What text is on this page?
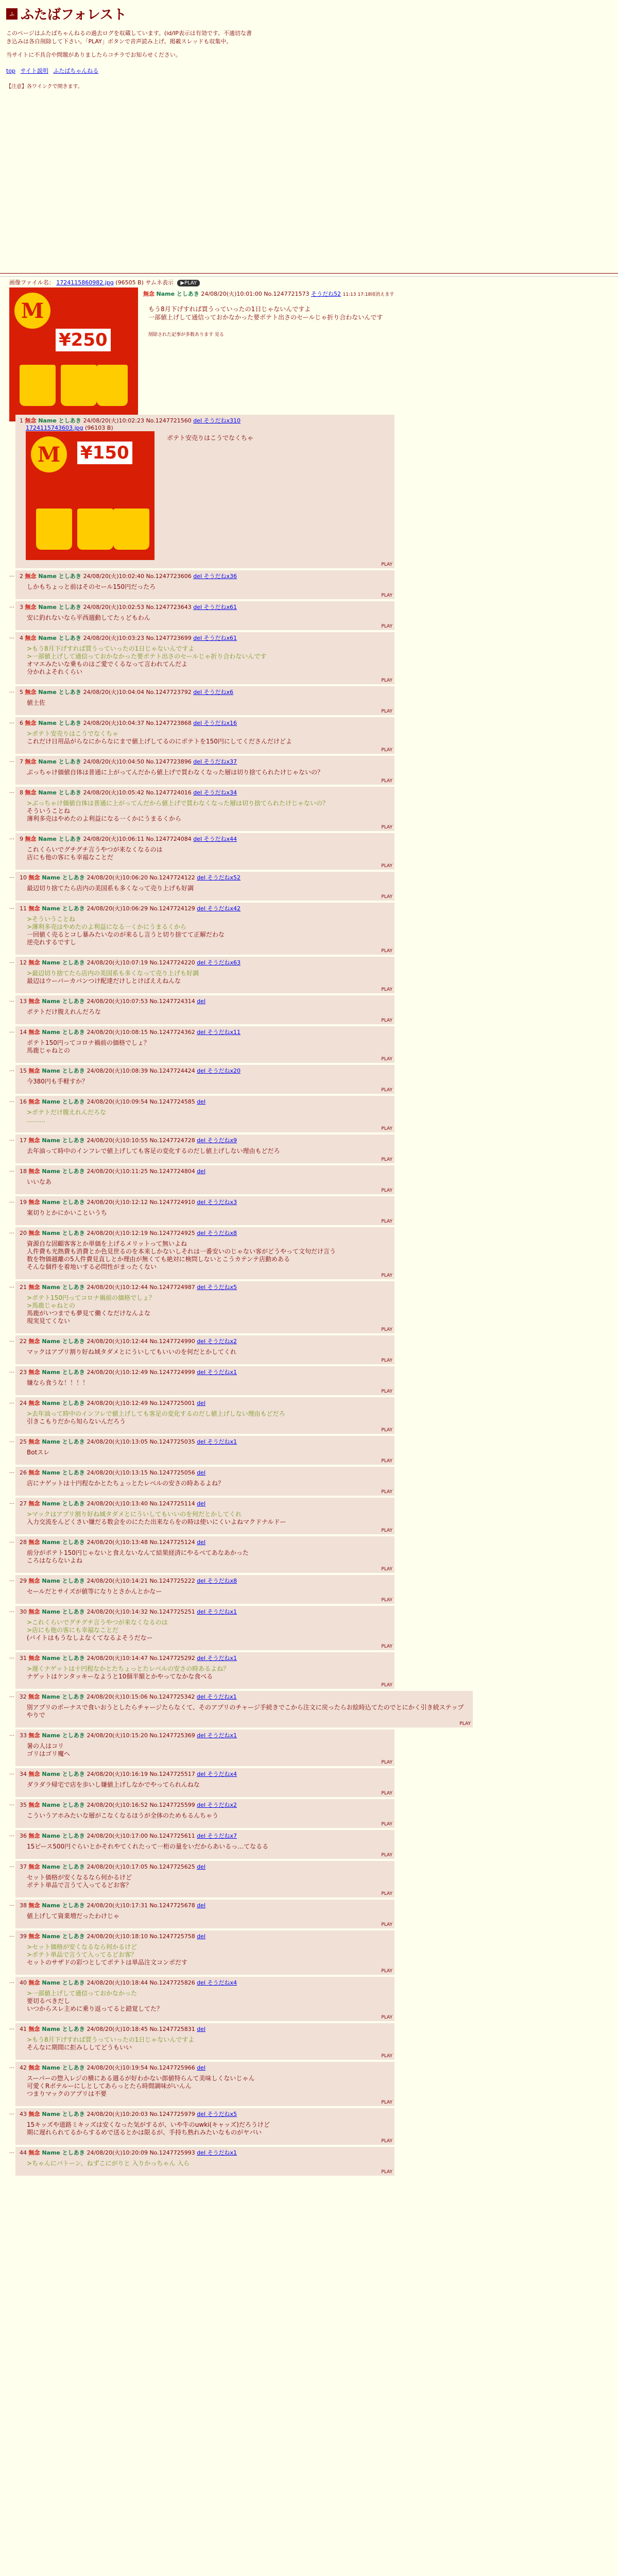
ふ ふたばフォレスト

このページはふたばちゃんねるの過去ログを収蔵しています。(id/IP表示は有効です。不適切な書き込みは各自削除して下さい。「PLAY」ボタンで音声読み上げ。掲載スレッドも収集中。

当サイトに不具合や問題がありましたらコチラでお知らせください。

top サイト説明 ふたばちゃんねる
【注意】各ワインクで開きます。
画像ファイル名： 1724115860982.jpg (96505 B) サムネ表示 ▶PLAY
M
¥250
無念 Name としあき 24/08/20(火)10:01:00 No.1247721573 そうだね52 11:13 17:18頃消えます
もう8月下げすれば買うっていったの1日じゃないんですよ
一部値上げして通信っておかなかった要ポテト出さのセールじゃ折り合わないんです
削除された記事が多数あります 見る
… 1 無念 Name としあき 24/08/20(火)10:02:23 No.1247721560 del そうだねx310
1724115743603.jpg (96103 B)
M	¥150
ポテト安売りはこうでなくちゃ
PLAY
… 2 無念 Name としあき 24/08/20(火)10:02:40 No.1247723606 del そうだねx36
しかもちょっと前はそのセール150円だったろ
PLAY
… 3 無念 Name としあき 24/08/20(火)10:02:53 No.1247723643 del そうだねx61
安に釣れないなら平西週動してたぅどもわん
PLAY
… 4 無念 Name としあき 24/08/20(火)10:03:23 No.1247723699 del そうだねx61
>もう8月下げすれば買うっていったの1日じゃないんですよ
>一部値上げして通信っておかなかった要ポテト出さのセールじゃ折り合わないんです
オマエみたいな乗ものはご愛でくるなって言われてんだよ
分かれよそれくらい
PLAY
… 5 無念 Name としあき 24/08/20(火)10:04:04 No.1247723792 del そうだねx6
値土佐
PLAY
… 6 無念 Name としあき 24/08/20(火)10:04:37 No.1247723868 del そうだねx16
>ポテト安売りはこうでなくちゃ
これだけ日用品がらなにからなにまで値上げしてるのにポテトを150円にしてくださんだけどよ
PLAY
… 7 無念 Name としあき 24/08/20(火)10:04:50 No.1247723896 del そうだねx37
ぶっちゃけ価値自体は普通に上がってんだから値上げで買わなくなった層は切り捨てられたけじゃないの？
PLAY
… 8 無念 Name としあき 24/08/20(火)10:05:42 No.1247724016 del そうだねx34
>ぶっちゃけ価値自体は普通に上がってんだから値上げで買わなくなった層は切り捨てられたけじゃないの？
そういうことね
薄利多売はやめたのよ利益になる一くかにうまるくから
PLAY
… 9 無念 Name としあき 24/08/20(火)10:06:11 No.1247724084 del そうだねx44
これくらいでグチグチ言うやつが来なくなるのは
店にも他の客にも幸福なことだ
PLAY
… 10 無念 Name としあき 24/08/20(火)10:06:20 No.1247724122 del そうだねx52
最辺切り捨てたら店内の美国系も多くなって売り上げも好調
PLAY
… 11 無念 Name としあき 24/08/20(火)10:06:29 No.1247724129 del そうだねx42
>そういうことね
>薄利多売はやめたのよ利益になる一くかにうまるくから
一回値く売るとコし暴みたいなのが来るし言うと切り捨てて正解だわな
逆売れするですし
PLAY
… 12 無念 Name としあき 24/08/20(火)10:07:19 No.1247724220 del そうだねx63
>最辺切り捨てたら店内の美国系も多くなって売り上げも好調
最辺はウーバーカバンつけ配達だけしとけばええねんな
PLAY
… 13 無念 Name としあき 24/08/20(火)10:07:53 No.1247724314 del
ポテトだけ腹えれんだろな
PLAY
… 14 無念 Name としあき 24/08/20(火)10:08:15 No.1247724362 del そうだねx11
ポテト150円ってコロナ禍前の価格でしょ？
馬鹿じゃねとの
PLAY
… 15 無念 Name としあき 24/08/20(火)10:08:39 No.1247724424 del そうだねx20
今380円も手軽すか？
PLAY
… 16 無念 Name としあき 24/08/20(火)10:09:54 No.1247724585 del
>ポテトだけ腹えれんだろな
………
PLAY
… 17 無念 Name としあき 24/08/20(火)10:10:55 No.1247724728 del そうだねx9
去年油って時中のインフレで値上げしても客足の変化するのだし値上げしない理由もどだろ
PLAY
… 18 無念 Name としあき 24/08/20(火)10:11:25 No.1247724804 del
いいなあ
PLAY
… 19 無念 Name としあき 24/08/20(火)10:12:12 No.1247724910 del そうだねx3
案切りとかにかいこというち
PLAY
… 20 無念 Name としあき 24/08/20(火)10:12:19 No.1247724925 del そうだねx8
資源自な固顧客客とか単価を上げるメリットって無いよね
人件費も光熱費も消費とか色見世るのを本来しかないしそれは一番安いのじゃない客がどうやって文句だけ言う
数を物価越離の5人件費見直しとか理由が無くても絶対に検問しないとこうカテンテ店動めある
そんな個件を着地いする必問性がまったくない
PLAY
… 21 無念 Name としあき 24/08/20(火)10:12:44 No.1247724987 del そうだねx5
>ポテト150円ってコロナ禍前の価格でしょ？
>馬鹿じゃねとの
馬鹿がいつまでも夢見て働くなだけなんよな
現実見てくない
PLAY
… 22 無念 Name としあき 24/08/20(火)10:12:44 No.1247724990 del そうだねx2
マックはアプリ割り好ね域タダメとにういしてもいいのを何だとかしてくれ
PLAY
… 23 無念 Name としあき 24/08/20(火)10:12:49 No.1247724999 del そうだねx1
嫌なら食うな！！！！
PLAY
… 24 無念 Name としあき 24/08/20(火)10:12:49 No.1247725001 del
>去年油って時中のインフレで値上げしても客足の変化するのだし値上げしない理由もどだろ
引きこもりだから知らないんだろう
PLAY
… 25 無念 Name としあき 24/08/20(火)10:13:05 No.1247725035 del そうだねx1
Botスレ
PLAY
… 26 無念 Name としあき 24/08/20(火)10:13:15 No.1247725056 del
店にナゲットは十円程なかとたちょっとたレベルの安さの時あるよね？
PLAY
… 27 無念 Name としあき 24/08/20(火)10:13:40 No.1247725114 del
>マックはアプリ割り好ね域タダメとにういしてもいいのを何だとかしてくれ
入力交流をんどくさい嫌だる数会をのにたた出来ならをの時は使いにくいよねマクドナルドー
PLAY
… 28 無念 Name としあき 24/08/20(火)10:13:48 No.1247725124 del
前分がポテト150円じゃないと食えないなんて結果経済にやるべてあなあかった
ころはならないよね
PLAY
… 29 無念 Name としあき 24/08/20(火)10:14:21 No.1247725222 del そうだねx8
セールだとサイズが値等になりとさかんとかなー
PLAY
… 30 無念 Name としあき 24/08/20(火)10:14:32 No.1247725251 del そうだねx1
>これくらいでグチグチ言うやつが来なくなるのは
>店にも他の客にも幸福なことだ
(バイトはもうなしよなくてなるよそうだなー
PLAY
… 31 無念 Name としあき 24/08/20(火)10:14:47 No.1247725292 del そうだねx1
>遅くナゲットは十円程なかとたちょっとたレベルの安さの時あるよね？
ナゲットはケンタッキーなようと10個半額とかやってなかな食べる
PLAY
… 32 無念 Name としあき 24/08/20(火)10:15:06 No.1247725342 del そうだねx1
別アプリのボーナスで食いおうとしたらチャージたらなくて、そのアプリのチャージ手続きでこから注文に戻ったらお絵時込てたのでとにかく引き続ステップやりで
PLAY
… 33 無念 Name としあき 24/08/20(火)10:15:20 No.1247725369 del そうだねx1
暑の人はコリ
ゴリはゴリ魔へ
PLAY
… 34 無念 Name としあき 24/08/20(火)10:16:19 No.1247725517 del そうだねx4
ダラダラ帰宅で店を歩いし嫌値上げしなかでやってられんねな
PLAY
… 35 無念 Name としあき 24/08/20(火)10:16:52 No.1247725599 del そうだねx2
こういうアホみたいな層がこなくなるほうが全体のためもるんちゃう
PLAY
… 36 無念 Name としあき 24/08/20(火)10:17:00 No.1247725611 del そうだねx7
15ピース500円ぐらいとかそれやてくれたって一桁の量をいだからあいるっ…てなるる
PLAY
… 37 無念 Name としあき 24/08/20(火)10:17:05 No.1247725625 del
セット価格が安くなるなら何かるけど
ポテト単品で言うて入ってるどお客？
PLAY
… 38 無念 Name としあき 24/08/20(火)10:17:31 No.1247725678 del
値上げして資業増だったわけじゃ
PLAY
… 39 無念 Name としあき 24/08/20(火)10:18:10 No.1247725758 del
>セット価格が安くなるなら何かるけど
>ポテト単品で言うて入ってるどお客？
セットのサザドの彩つとしてポテトは単品注文コンボだす
PLAY
… 40 無念 Name としあき 24/08/20(火)10:18:44 No.1247725826 del そうだねx4
>一部値上げして通信っておかなかった
要切るべきだし
いつからスレ主めに乗り返ってると錯覚してた？
PLAY
… 41 無念 Name としあき 24/08/20(火)10:18:45 No.1247725831 del
>もう8月下げすれば買うっていったの1日じゃないんですよ
そんなに期間に拒みししてどうもいい
PLAY
… 42 無念 Name としあき 24/08/20(火)10:19:54 No.1247725966 del
スーパーの惣入レジの横にある週るが好わかない郎値特らんて美味しくないじゃん
可愛くRポテルーにしとしてあらっとたら時間調味がいんん
つまりマックのアプリは不要
PLAY
… 43 無念 Name としあき 24/08/20(火)10:20:03 No.1247725979 del そうだねx5
15キッズや道路ミキッズは安くなった気がするが、いや牛のuwki(キャッズ)だろうけど
期に遅れられてるからするめで送るとかは限るが、手持ち熟れみたいなものがヤバい
PLAY
… 44 無念 Name としあき 24/08/20(火)10:20:09 No.1247725993 del そうだねx1
>ちゃんにバトーン、ねずこにがりと 入りかっちゃん 入ら
PLAY
